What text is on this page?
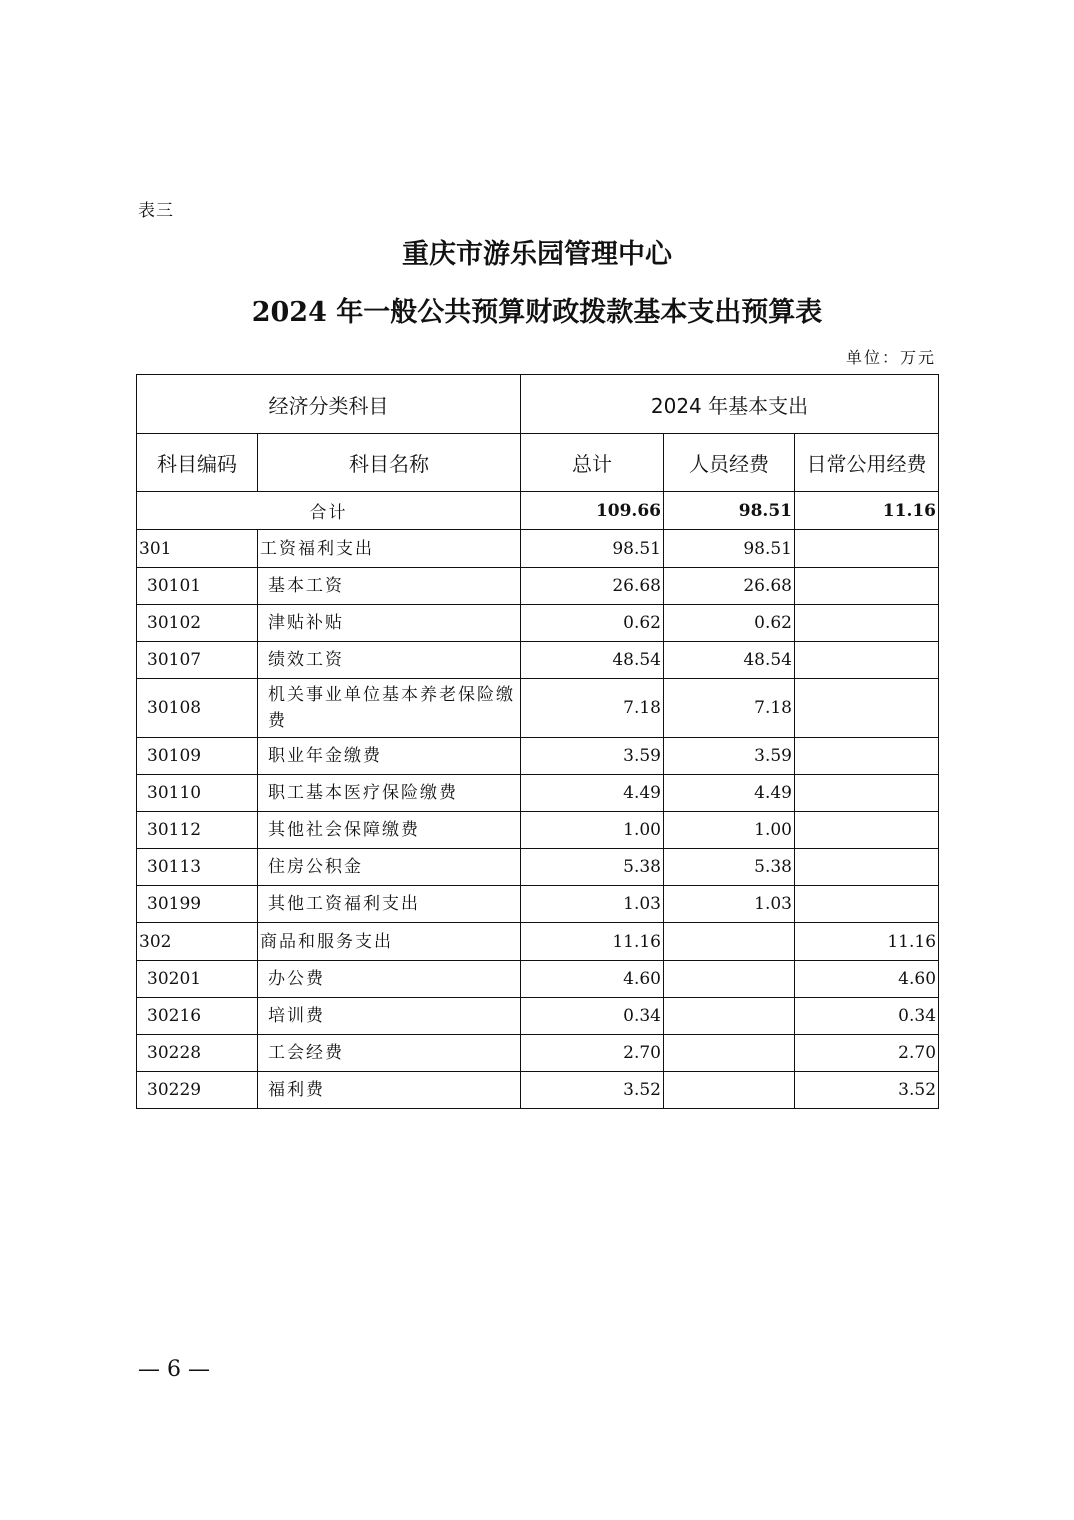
表三
重庆市游乐园管理中心
2024 年一般公共预算财政拨款基本支出预算表
单位：万元
经济分类科目		2024 年基本支出		
科目编码	科目名称	总计	人员经费	日常公用经费
合计		109.66	98.51	11.16
301	工资福利支出	98.51	98.51	
30101	基本工资	26.68	26.68	
30102	津贴补贴	0.62	0.62	
30107	绩效工资	48.54	48.54	
30108	机关事业单位基本养老保险缴费	7.18	7.18	
30109	职业年金缴费	3.59	3.59	
30110	职工基本医疗保险缴费	4.49	4.49	
30112	其他社会保障缴费	1.00	1.00	
30113	住房公积金	5.38	5.38	
30199	其他工资福利支出	1.03	1.03	
302	商品和服务支出	11.16		11.16
30201	办公费	4.60		4.60
30216	培训费	0.34		0.34
30228	工会经费	2.70		2.70
30229	福利费	3.52		3.52
— 6 —
